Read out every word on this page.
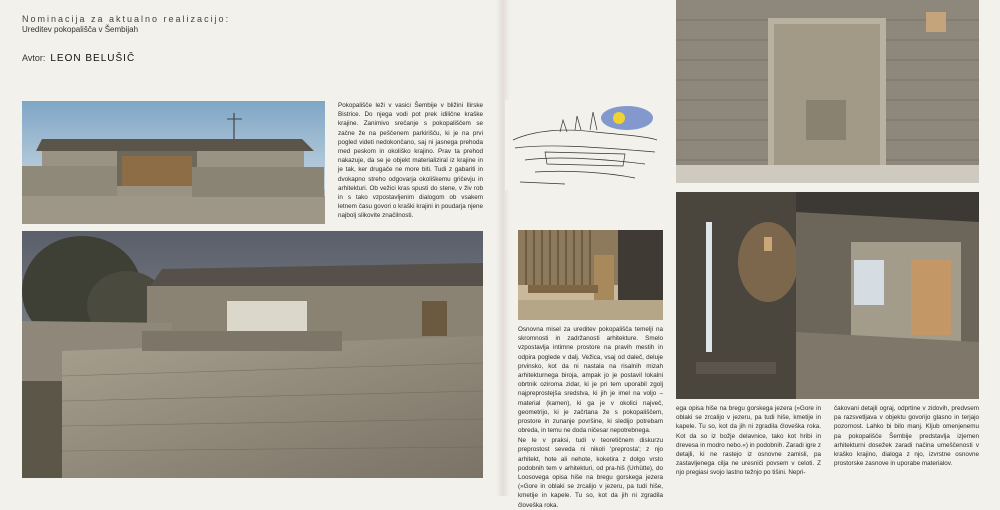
Nominacija za aktualno realizacijo:
Ureditev pokopališča v Šembijah
Avtor: LEON BELUŠIČ

Pokopališče leži v vasici Šembije v bližini Ilirske Bistrice. Do njega vodi pot prek idilične kraške krajine. Zanimivo srečanje s pokopališčem se začne že na peščenem parkirišču, ki je na prvi pogled videti nedokončano, saj ni jasnega prehoda med peskom in okoliško krajino. Prav ta prehod nakazuje, da se je objekt materializiral iz krajine in je tak, ker drugače ne more biti. Tudi z gabariti in dvokapno streho odgovarja okoliškemu gričevju in arhitekturi. Ob vežici kras spusti do stene, v živ rob in s tako vzpostavljenim dialogom ob vsakem letnem času govori o kraški krajini in poudarja njene najbolj slikovite značilnosti.

Osnovna misel za ureditev pokopališča temelji na skromnosti in zadržanosti arhitekture. Smelo vzpostavlja intimne prostore na pravih mestih in odpira poglede v dalj. Vežica, vsaj od daleč, deluje prvinsko, kot da ni nastala na risalnih mizah arhitekturnega biroja, ampak jo je postavil lokalni obrtnik oziroma zidar, ki je pri tem uporabil zgolj najpreprostejša sredstva, ki jih je imel na voljo – material (kamen), ki ga je v okolici največ, geometrijo, ki je začrtana že s pokopališčem, prostore in zunanje površine, ki sledijo potrebam obreda, in temu ne doda ničesar nepotrebnega.

Ne le v praksi, tudi v teoretičnem diskurzu preprostost seveda ni nikoli 'preprosta'; z njo arhitekt, hote ali nehote, koketira z dolgo vrsto podobnih tem v arhitekturi, od pra-hiš (Urhütte), do Loosovega opisa hiše na bregu gorskega jezera (»Gore in oblaki se zrcalijo v jezeru, pa tudi hiše, kmetije in kapele. Tu so, kot da jih ni zgradila človeška roka.

ega opisa hiše na bregu gorskega jezera (»Gore in oblaki se zrcalijo v jezeru, pa tudi hiše, kmetije in kapele. Tu so, kot da jih ni zgradila človeška roka. Kot da so iz božje delavnice, tako kot hribi in drevesa in modro nebo.«) in podobnih. Zaradi igre z detajli, ki ne rastejo iz osnovne zamisli, pa zastavljenega cilja ne uresniči povsem v celoti. Z njo pregiasi svojo lastno težnjo po tišini. Nepri-

čakovani detajli ograj, odprtine v zidovih, predvsem pa razsvetljava v objektu govorijo glasno in terjajo pozornost. Lahko bi bilo manj. Kljub omenjenemu pa pokopališče Šembije predstavlja izjemen arhitekturni dosežek zaradi načina umeščenosti v kraško krajino, dialoga z njo, izvrstne osnovne prostorske zasnove in uporabe materialov.
